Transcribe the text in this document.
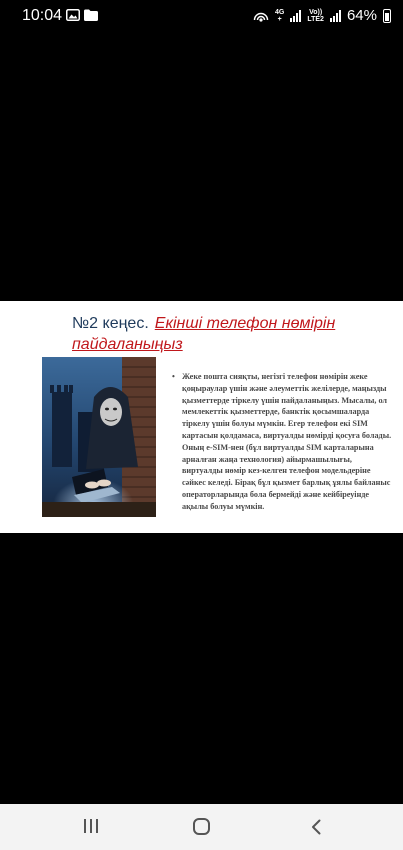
10:04	4G
+
Vo))
LTE2 64%
№2 кеңес. Екінші телефон нөмірін пайдаланыңыз
• Жеке пошта сияқты, негізгі телефон нөмірін жеке қоңыраулар үшін және әлеуметтік желілерде, маңызды қызметтерде тіркелу үшін пайдаланыңыз. Мысалы, ол мемлекеттік қызметтерде, банктік қосымшаларда тіркелу үшін болуы мүмкін. Егер телефон екі SIM картасын қолдамаса, виртуалды нөмірді қосуға болады. Оның e-SIM-нен (бұл виртуалды SIM карталарына арналған жаңа технология) айырмашылығы, виртуалды нөмір кез-келген телефон модельдеріне сәйкес келеді. Бірақ бұл қызмет барлық ұялы байланыс операторларында бола бермейді және кейбіреуінде ақылы болуы мүмкін.
